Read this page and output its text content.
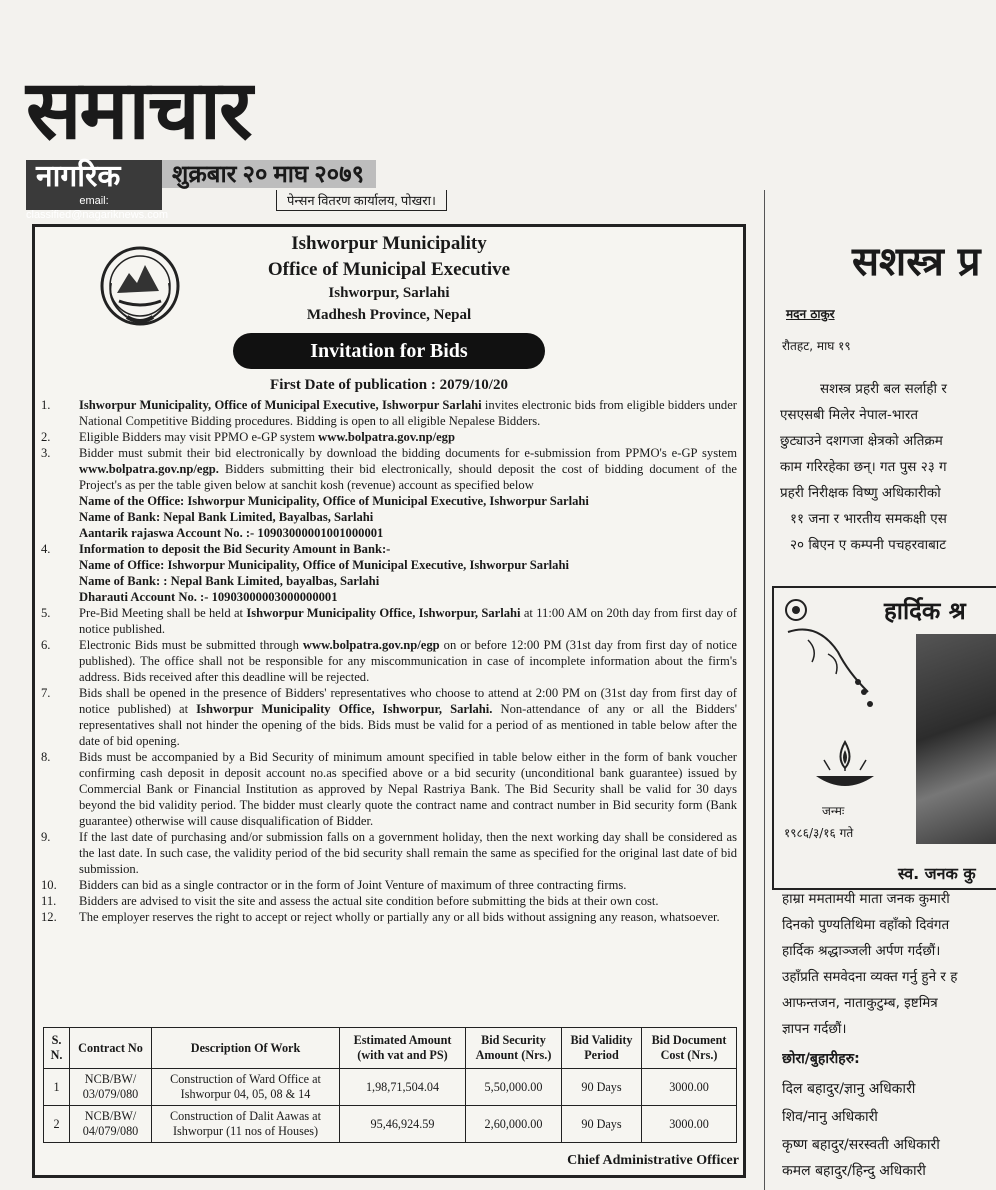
समाचार
नागरिक
email: classified@nagariknews.com
शुक्रबार २० माघ २०७९
पेन्सन वितरण कार्यालय, पोखरा।
Ishworpur Municipality
Office of Municipal Executive
Ishworpur, Sarlahi
Madhesh Province, Nepal
Invitation for Bids
First Date of publication : 2079/10/20
1.	Ishworpur Municipality, Office of Municipal Executive, Ishworpur Sarlahi invites electronic bids from eligible bidders under National Competitive Bidding procedures. Bidding is open to all eligible Nepalese Bidders.
2.	Eligible Bidders may visit PPMO e-GP system www.bolpatra.gov.np/egp
3.	Bidder must submit their bid electronically by download the bidding documents for e-submission from PPMO's e-GP system www.bolpatra.gov.np/egp. Bidders submitting their bid electronically, should deposit the cost of bidding document of the Project's as per the table given below at sanchit kosh (revenue) account as specified below
Name of the Office: Ishworpur Municipality, Office of Municipal Executive, Ishworpur Sarlahi
Name of Bank: Nepal Bank Limited, Bayalbas, Sarlahi
Aantarik rajaswa Account No. :- 10903000001001000001
4.	Information to deposit the Bid Security Amount in Bank:-
Name of Office: Ishworpur Municipality, Office of Municipal Executive, Ishworpur Sarlahi
Name of Bank: : Nepal Bank Limited, bayalbas, Sarlahi
Dharauti Account No. :- 10903000003000000001
5.	Pre-Bid Meeting shall be held at Ishworpur Municipality Office, Ishworpur, Sarlahi at 11:00 AM on 20th day from first day of notice published.
6.	Electronic Bids must be submitted through www.bolpatra.gov.np/egp on or before 12:00 PM (31st day from first day of notice published). The office shall not be responsible for any miscommunication in case of incomplete information about the firm's address. Bids received after this deadline will be rejected.
7.	Bids shall be opened in the presence of Bidders' representatives who choose to attend at 2:00 PM on (31st day from first day of notice published) at Ishworpur Municipality Office, Ishworpur, Sarlahi. Non-attendance of any or all the Bidders' representatives shall not hinder the opening of the bids. Bids must be valid for a period of as mentioned in table below after the date of bid opening.
8.	Bids must be accompanied by a Bid Security of minimum amount specified in table below either in the form of bank voucher confirming cash deposit in deposit account no.as specified above or a bid security (unconditional bank guarantee) issued by Commercial Bank or Financial Institution as approved by Nepal Rastriya Bank. The Bid Security shall be valid for 30 days beyond the bid validity period. The bidder must clearly quote the contract name and contract number in Bid security form (Bank guarantee) otherwise will cause disqualification of Bidder.
9.	If the last date of purchasing and/or submission falls on a government holiday, then the next working day shall be considered as the last date. In such case, the validity period of the bid security shall remain the same as specified for the original last date of bid submission.
10.	Bidders can bid as a single contractor or in the form of Joint Venture of maximum of three contracting firms.
11.	Bidders are advised to visit the site and assess the actual site condition before submitting the bids at their own cost.
12.	The employer reserves the right to accept or reject wholly or partially any or all bids without assigning any reason, whatsoever.
S. N.	Contract No	Description Of Work	Estimated Amount (with vat and PS)	Bid Security Amount (Nrs.)	Bid Validity Period	Bid Document Cost (Nrs.)
1	NCB/BW/ 03/079/080	Construction of Ward Office at Ishworpur 04, 05, 08 & 14	1,98,71,504.04	5,50,000.00	90 Days	3000.00
2	NCB/BW/ 04/079/080	Construction of Dalit Aawas at Ishworpur (11 nos of Houses)	95,46,924.59	2,60,000.00	90 Days	3000.00
Chief Administrative Officer
सशस्त्र प्र
मदन ठाकुर
रौतहट, माघ १९
सशस्त्र प्रहरी बल सर्लाही र
एसएसबी मिलेर नेपाल-भारत
छुट्याउने दशगजा क्षेत्रको अतिक्रम
काम गरिरहेका छन्। गत पुस २३ ग
प्रहरी निरीक्षक विष्णु अधिकारीको
११ जना र भारतीय समकक्षी एस
२० बिएन ए कम्पनी पचहरवाबाट
हार्दिक श्र
जन्मः
१९८६/३/१६ गते
स्व. जनक कु
हाम्रा ममतामयी माता जनक कुमारी
दिनको पुण्यतिथिमा वहाँको दिवंगत
हार्दिक श्रद्धाञ्जली अर्पण गर्दछौं।
उहाँप्रति समवेदना व्यक्त गर्नु हुने र ह
आफन्तजन, नाताकुटुम्ब, इष्टमित्र
ज्ञापन गर्दछौं।
छोरा/बुहारीहरु:
दिल बहादुर/ज्ञानु अधिकारी
शिव/नानु अधिकारी
कृष्ण बहादुर/सरस्वती अधिकारी
कमल बहादुर/हिन्दु अधिकारी
